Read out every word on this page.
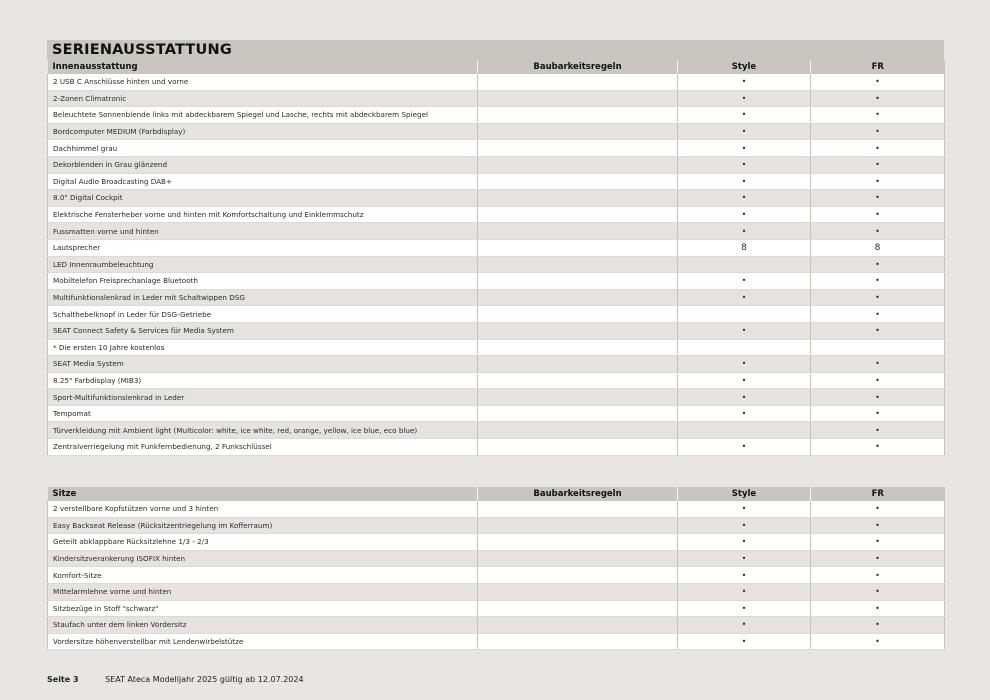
SERIENAUSSTATTUNG
Innenausstattung	Baubarkeitsregeln	Style	FR
2 USB C Anschlüsse hinten und vorne		•	•
2-Zonen Climatronic		•	•
Beleuchtete Sonnenblende links mit abdeckbarem Spiegel und Lasche, rechts mit abdeckbarem Spiegel		•	•
Bordcomputer MEDIUM (Farbdisplay)		•	•
Dachhimmel grau		•	•
Dekorblenden in Grau glänzend		•	•
Digital Audio Broadcasting DAB+		•	•
8.0" Digital Cockpit		•	•
Elektrische Fensterheber vorne und hinten mit Komfortschaltung und Einklemmschutz		•	•
Fussmatten vorne und hinten		•	•
Lautsprecher		8	8
LED Innenraumbeleuchtung			•
Mobiltelefon Freisprechanlage Bluetooth		•	•
Multifunktionslenkrad in Leder mit Schaltwippen DSG		•	•
Schalthebelknopf in Leder für DSG-Getriebe			•
SEAT Connect Safety & Services für Media System		•	•
* Die ersten 10 Jahre kostenlos			
SEAT Media System		•	•
8.25" Farbdisplay (MIB3)		•	•
Sport-Multifunktionslenkrad in Leder		•	•
Tempomat		•	•
Türverkleidung mit Ambient light (Multicolor: white, ice white, red, orange, yellow, ice blue, eco blue)			•
Zentralverriegelung mit Funkfernbedienung, 2 Funkschlüssel		•	•
Sitze	Baubarkeitsregeln	Style	FR
2 verstellbare Kopfstützen vorne und 3 hinten		•	•
Easy Backseat Release (Rücksitzentriegelung im Kofferraum)		•	•
Geteilt abklappbare Rücksitzlehne 1/3 - 2/3		•	•
Kindersitzverankerung ISOFIX hinten		•	•
Komfort-Sitze		•	•
Mittelarmlehne vorne und hinten		•	•
Sitzbezüge in Stoff "schwarz"		•	•
Staufach unter dem linken Vordersitz		•	•
Vordersitze höhenverstellbar mit Lendenwirbelstütze		•	•
Seite 3	SEAT Ateca Modelljahr 2025 gültig ab 12.07.2024
